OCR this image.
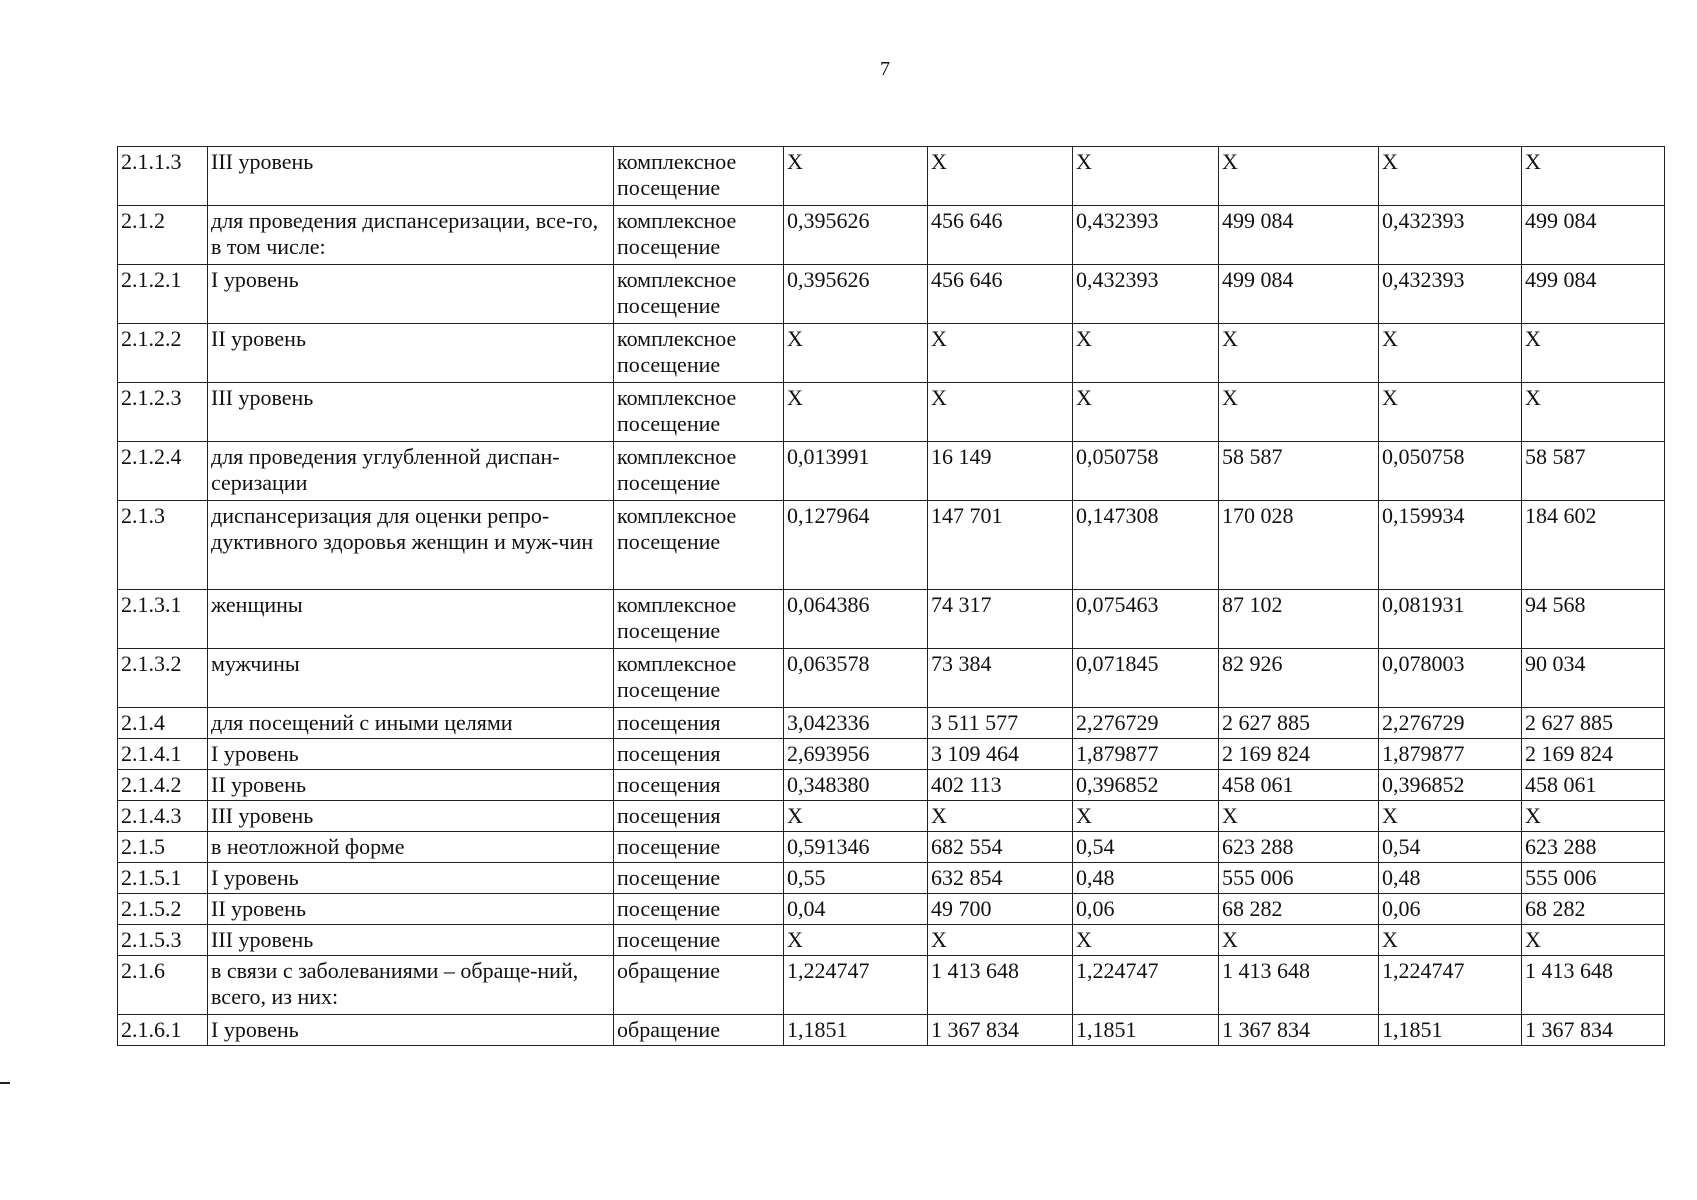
7
2.1.1.3	III уровень	комплексное посещение	X	X	X	X	X	X
2.1.2	для проведения диспансеризации, все-го, в том числе:	комплексное посещение	0,395626	456 646	0,432393	499 084	0,432393	499 084
2.1.2.1	I уровень	комплексное посещение	0,395626	456 646	0,432393	499 084	0,432393	499 084
2.1.2.2	II уровень	комплексное посещение	X	X	X	X	X	X
2.1.2.3	III уровень	комплексное посещение	X	X	X	X	X	X
2.1.2.4	для проведения углубленной диспан-серизации	комплексное посещение	0,013991	16 149	0,050758	58 587	0,050758	58 587
2.1.3	диспансеризация для оценки репро-дуктивного здоровья женщин и муж-чин	комплексное посещение	0,127964	147 701	0,147308	170 028	0,159934	184 602
2.1.3.1	женщины	комплексное посещение	0,064386	74 317	0,075463	87 102	0,081931	94 568
2.1.3.2	мужчины	комплексное посещение	0,063578	73 384	0,071845	82 926	0,078003	90 034
2.1.4	для посещений с иными целями	посещения	3,042336	3 511 577	2,276729	2 627 885	2,276729	2 627 885
2.1.4.1	I уровень	посещения	2,693956	3 109 464	1,879877	2 169 824	1,879877	2 169 824
2.1.4.2	II уровень	посещения	0,348380	402 113	0,396852	458 061	0,396852	458 061
2.1.4.3	III уровень	посещения	X	X	X	X	X	X
2.1.5	в неотложной форме	посещение	0,591346	682 554	0,54	623 288	0,54	623 288
2.1.5.1	I уровень	посещение	0,55	632 854	0,48	555 006	0,48	555 006
2.1.5.2	II уровень	посещение	0,04	49 700	0,06	68 282	0,06	68 282
2.1.5.3	III уровень	посещение	X	X	X	X	X	X
2.1.6	в связи с заболеваниями – обраще-ний, всего, из них:	обращение	1,224747	1 413 648	1,224747	1 413 648	1,224747	1 413 648
2.1.6.1	I уровень	обращение	1,1851	1 367 834	1,1851	1 367 834	1,1851	1 367 834
